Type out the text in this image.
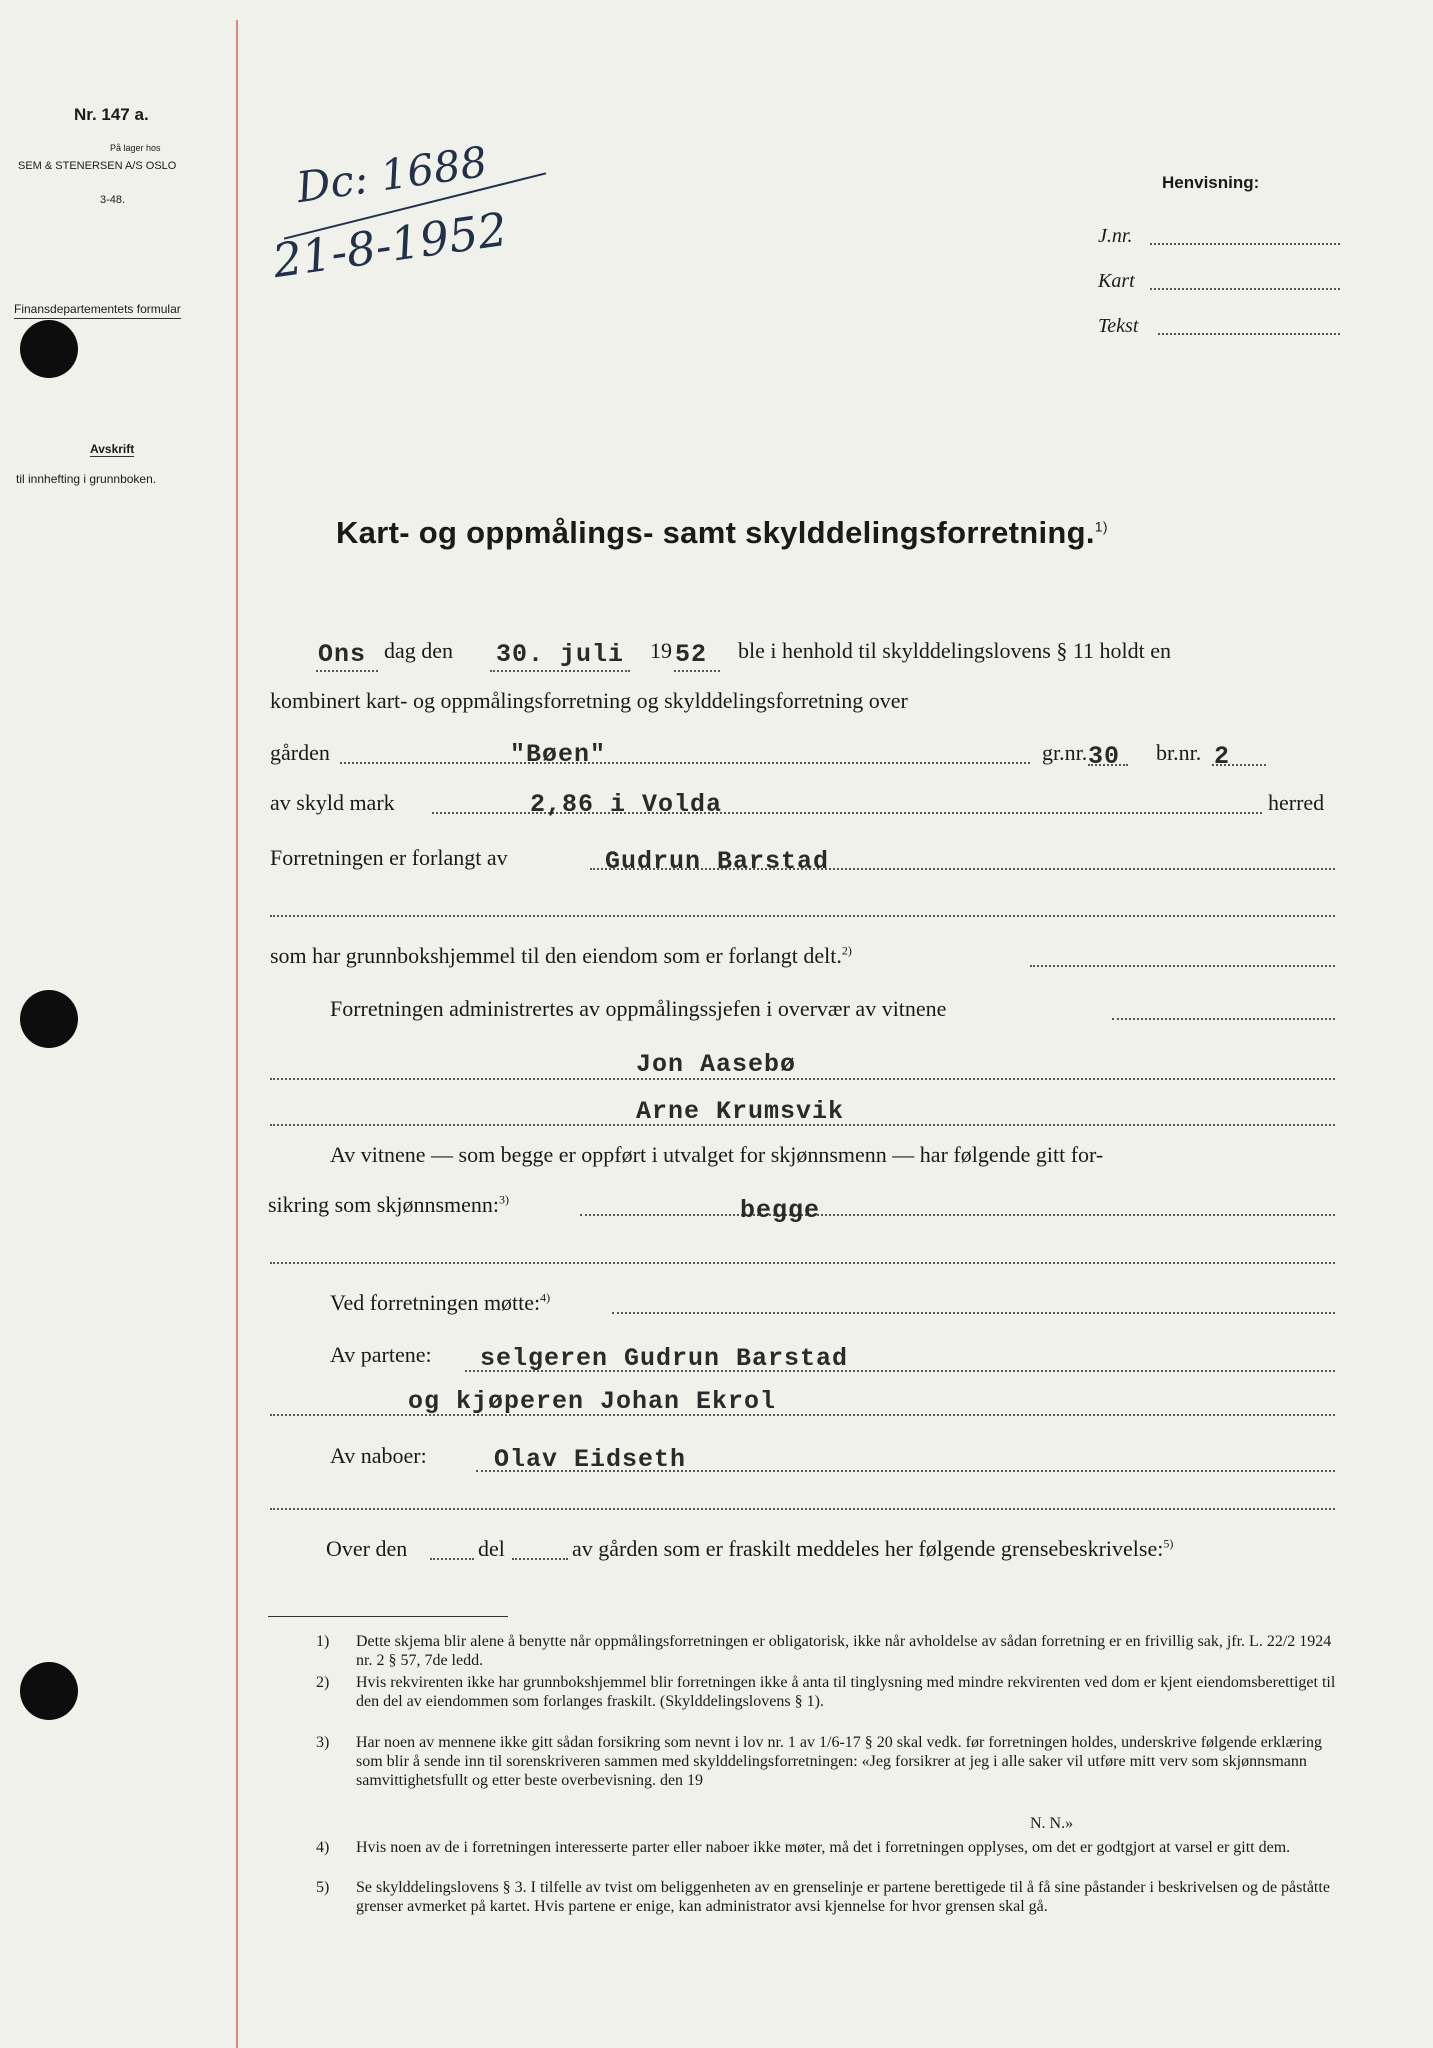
Nr. 147 a.
På lager hos
SEM & STENERSEN A/S OSLO
3-48.
Finansdepartementets formular
Avskrift
til innhefting i grunnboken.
Dc: 1688
21-8-1952
Henvisning:
J.nr.
Kart
Tekst
Kart- og oppmålings- samt skylddelingsforretning.$^{1)}$
Ons dag den 30. juli 19 52 ble i henhold til skylddelingslovens § 11 holdt en
kombinert kart- og oppmålingsforretning og skylddelingsforretning over
gården	"Bøen"	gr.nr. 30 br.nr. 2
av skyld mark	2,86 i Volda	herred
Forretningen er forlangt av	Gudrun Barstad
som har grunnbokshjemmel til den eiendom som er forlangt delt.$^{2)}$
Forretningen administrertes av oppmålingssjefen i overvær av vitnene
Jon Aasebø
Arne Krumsvik
Av vitnene — som begge er oppført i utvalget for skjønnsmenn — har følgende gitt for-
sikring som skjønnsmenn:$^{3)}$	begge
Ved forretningen møtte:$^{4)}$
Av partene: selgeren Gudrun Barstad
og kjøperen Johan Ekrol
Av naboer:	Olav Eidseth
Over den	del	av gården som er fraskilt meddeles her følgende grensebeskrivelse:$^{5)}$
1) Dette skjema blir alene å benytte når oppmålingsforretningen er obligatorisk, ikke når avholdelse av sådan forretning er en frivillig sak, jfr. L. 22/2 1924 nr. 2 § 57, 7de ledd.
2) Hvis rekvirenten ikke har grunnbokshjemmel blir forretningen ikke å anta til tinglysning med mindre rekvirenten ved dom er kjent eiendomsberettiget til den del av eiendommen som forlanges fraskilt. (Skylddelingslovens § 1).
3) Har noen av mennene ikke gitt sådan forsikring som nevnt i lov nr. 1 av 1/6-17 § 20 skal vedk. før forretningen holdes, underskrive følgende erklæring som blir å sende inn til sorenskriveren sammen med skylddelingsforretningen: «Jeg forsikrer at jeg i alle saker vil utføre mitt verv som skjønnsmann samvittighetsfullt og etter beste overbevisning. den 19
N. N.»
4) Hvis noen av de i forretningen interesserte parter eller naboer ikke møter, må det i forretningen opplyses, om det er godtgjort at varsel er gitt dem.
5) Se skylddelingslovens § 3. I tilfelle av tvist om beliggenheten av en grenselinje er partene berettigede til å få sine påstander i beskrivelsen og de påståtte grenser avmerket på kartet. Hvis partene er enige, kan administrator avsi kjennelse for hvor grensen skal gå.
